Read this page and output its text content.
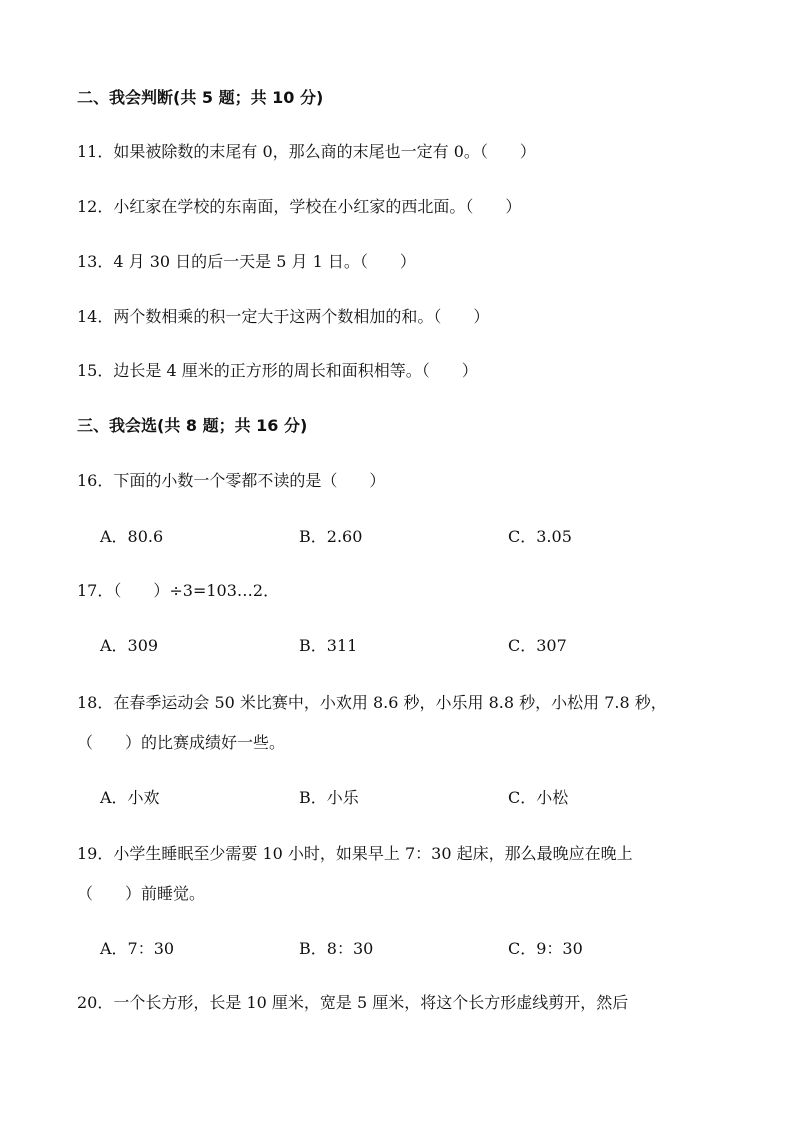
二、我会判断(共 5 题；共 10 分)
11．如果被除数的末尾有 0，那么商的末尾也一定有 0。（　　）
12．小红家在学校的东南面，学校在小红家的西北面。（　　）
13．4 月 30 日的后一天是 5 月 1 日。（　　）
14．两个数相乘的积一定大于这两个数相加的和。（　　）
15．边长是 4 厘米的正方形的周长和面积相等。（　　）
三、我会选(共 8 题；共 16 分)
16．下面的小数一个零都不读的是（　　）
A．80.6	B．2.60	C．3.05
17．（　　）÷3=103…2．
A．309	B．311	C．307
18．在春季运动会 50 米比赛中，小欢用 8.6 秒，小乐用 8.8 秒，小松用 7.8 秒，
（　　）的比赛成绩好一些。
A．小欢	B．小乐	C．小松
19．小学生睡眠至少需要 10 小时，如果早上 7：30 起床，那么最晚应在晚上
（　　）前睡觉。
A．7：30	B．8：30	C．9：30
20．一个长方形，长是 10 厘米，宽是 5 厘米，将这个长方形虚线剪开，然后
